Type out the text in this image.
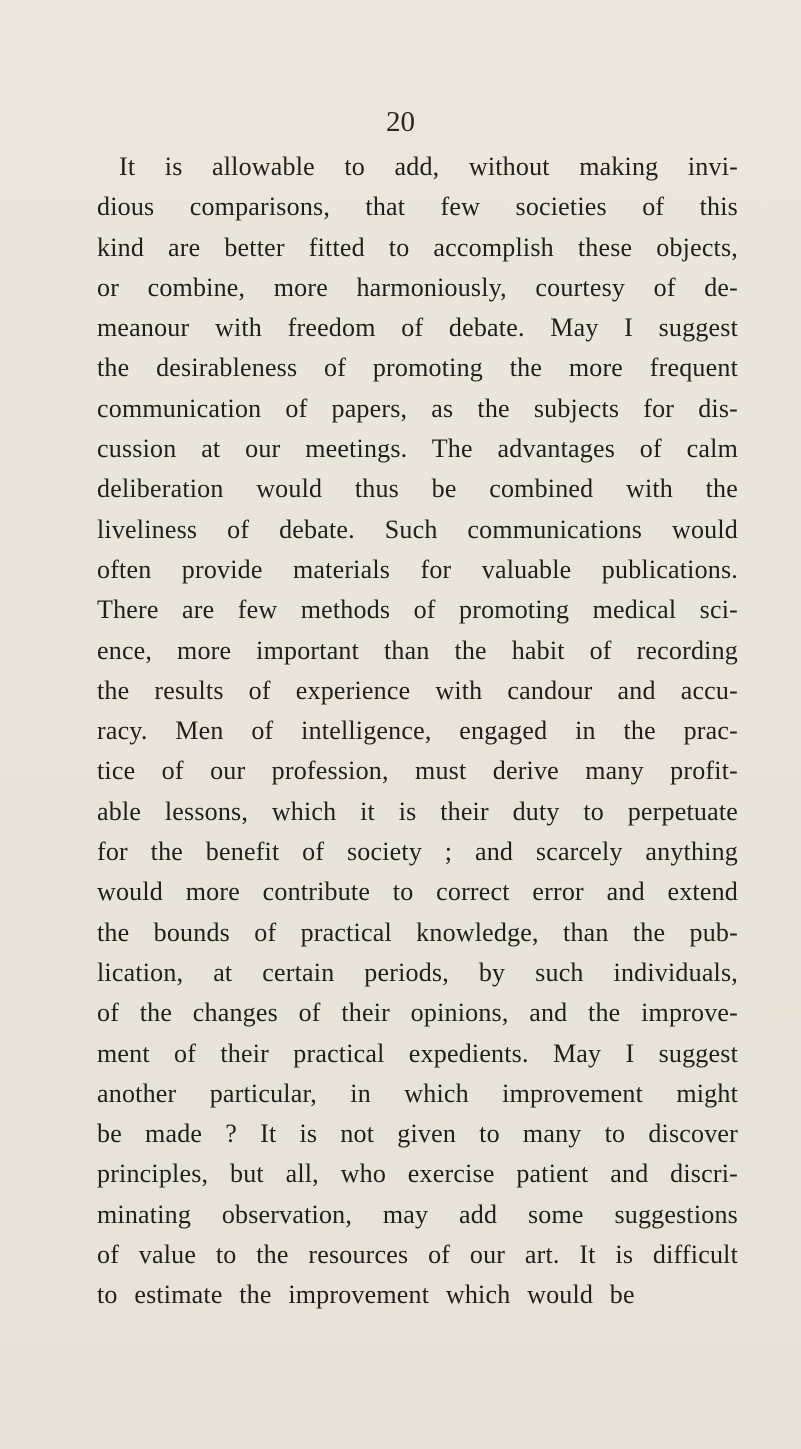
20
It is allowable to add, without making invi-
dious comparisons, that few societies of this
kind are better fitted to accomplish these objects,
or combine, more harmoniously, courtesy of de-
meanour with freedom of debate. May I suggest
the desirableness of promoting the more frequent
communication of papers, as the subjects for dis-
cussion at our meetings. The advantages of calm
deliberation would thus be combined with the
liveliness of debate. Such communications would
often provide materials for valuable publications.
There are few methods of promoting medical sci-
ence, more important than the habit of recording
the results of experience with candour and accu-
racy. Men of intelligence, engaged in the prac-
tice of our profession, must derive many profit-
able lessons, which it is their duty to perpetuate
for the benefit of society ; and scarcely anything
would more contribute to correct error and extend
the bounds of practical knowledge, than the pub-
lication, at certain periods, by such individuals,
of the changes of their opinions, and the improve-
ment of their practical expedients. May I suggest
another particular, in which improvement might
be made ? It is not given to many to discover
principles, but all, who exercise patient and discri-
minating observation, may add some suggestions
of value to the resources of our art. It is difficult
to estimate the improvement which would be
